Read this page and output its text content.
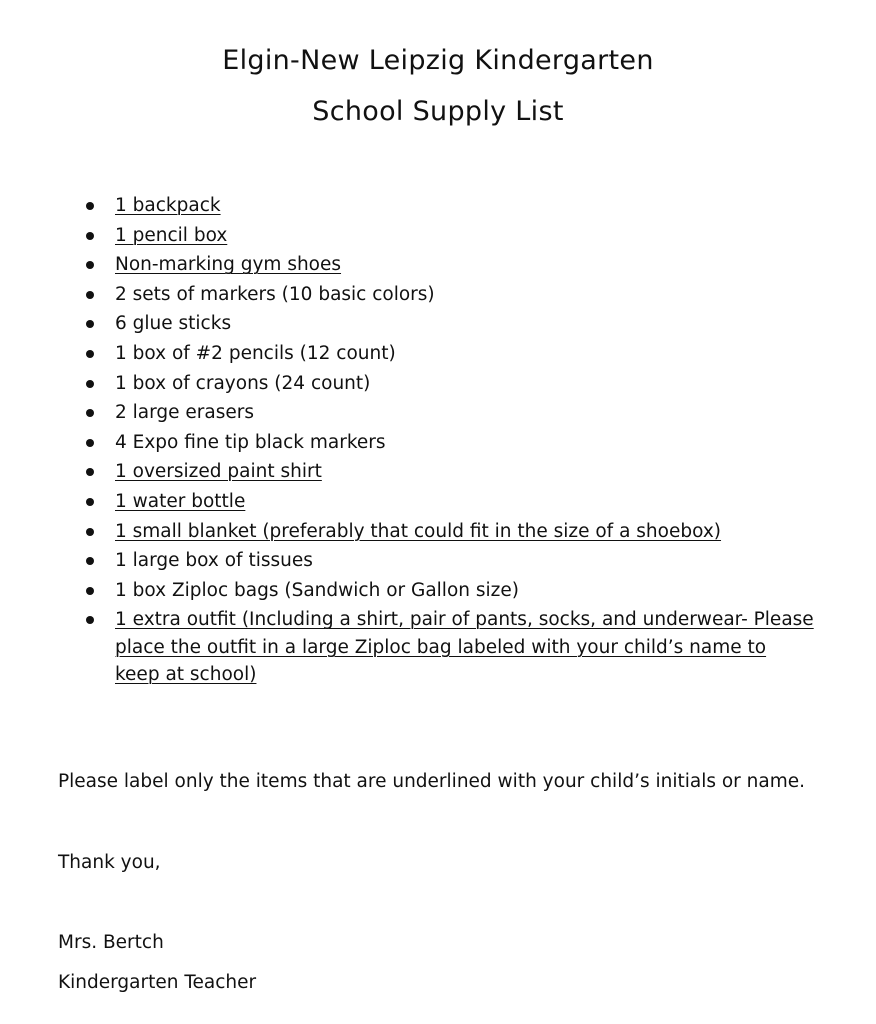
Elgin-New Leipzig Kindergarten
School Supply List
1 backpack
1 pencil box
Non-marking gym shoes
2 sets of markers (10 basic colors)
6 glue sticks
1 box of #2 pencils (12 count)
1 box of crayons (24 count)
2 large erasers
4 Expo fine tip black markers
1 oversized paint shirt
1 water bottle
1 small blanket (preferably that could fit in the size of a shoebox)
1 large box of tissues
1 box Ziploc bags (Sandwich or Gallon size)
1 extra outfit (Including a shirt, pair of pants, socks, and underwear- Please place the outfit in a large Ziploc bag labeled with your child’s name to keep at school)
Please label only the items that are underlined with your child’s initials or name.
Thank you,
Mrs. Bertch
Kindergarten Teacher
